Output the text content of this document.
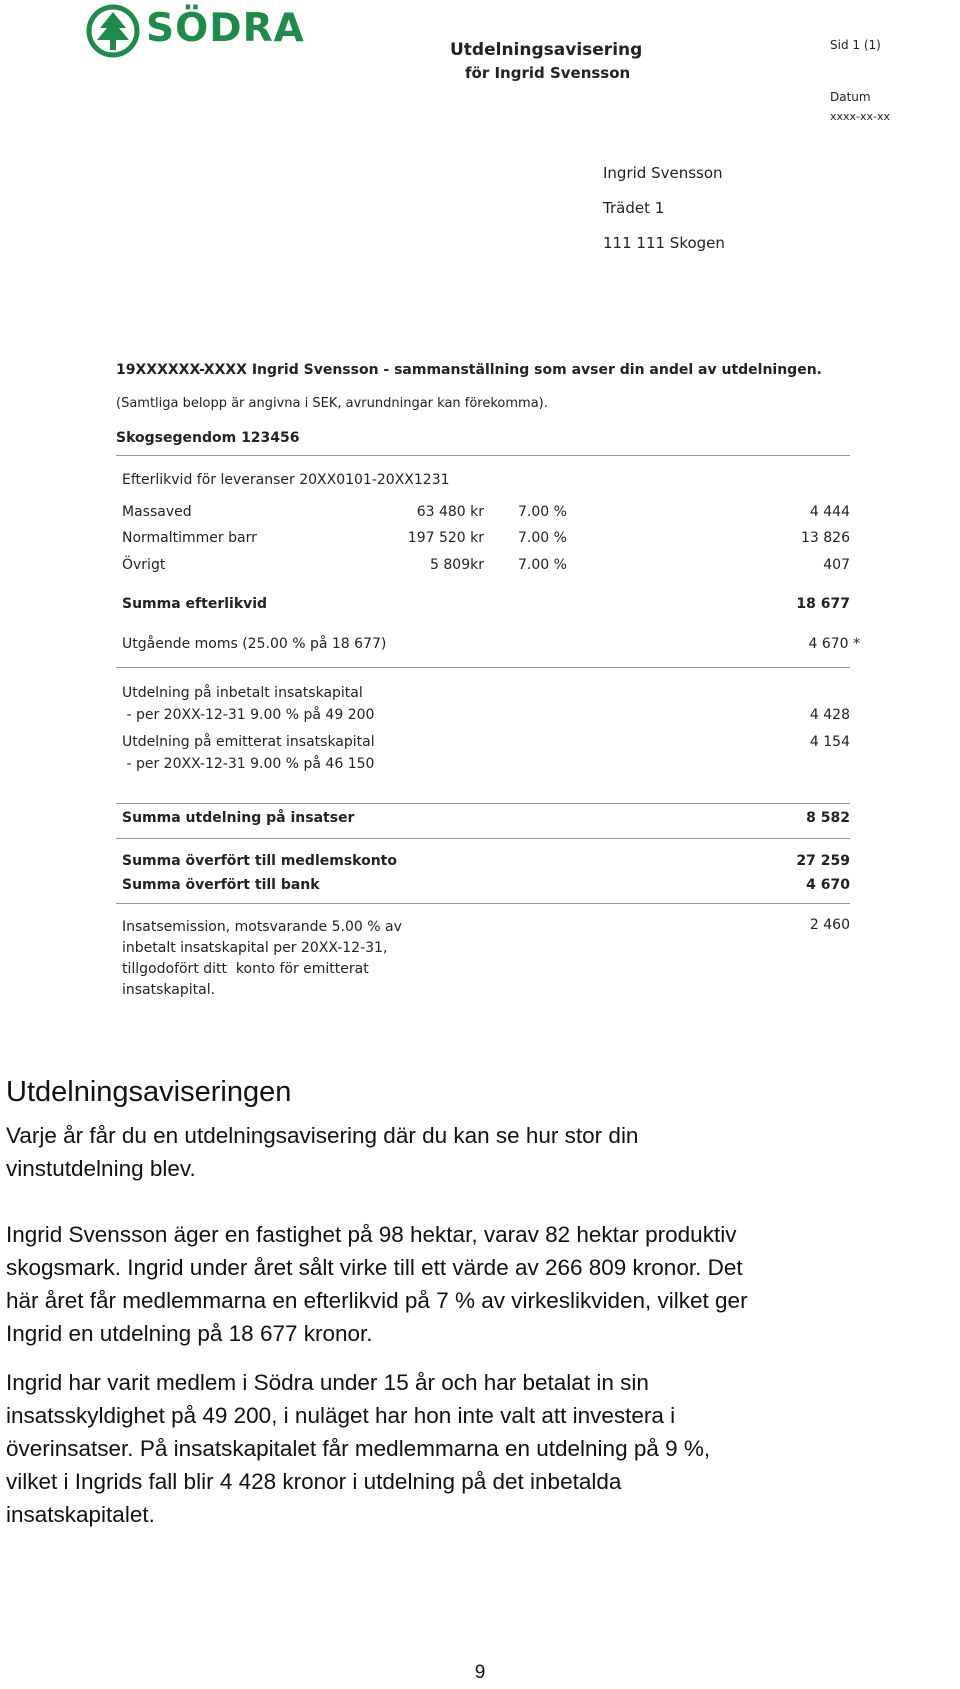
SÖDRA	Utdelningsavisering
för Ingrid Svensson
Sid 1 (1)
Datum
xxxx-xx-xx
Ingrid Svensson
Trädet 1
111 111 Skogen
19XXXXXX-XXXX Ingrid Svensson - sammanställning som avser din andel av utdelningen.
(Samtliga belopp är angivna i SEK, avrundningar kan förekomma).
Skogsegendom 123456
Efterlikvid för leveranser 20XX0101-20XX1231
Massaved	63 480 kr 7.00 %	4 444
Normaltimmer barr	197 520 kr 7.00 %	13 826
Övrigt	5 809kr 7.00 %	407
Summa efterlikvid	18 677
Utgående moms (25.00 % på 18 677)	4 670 *
Utdelning på inbetalt insatskapital
- per 20XX-12-31 9.00 % på 49 200	4 428
Utdelning på emitterat insatskapital	4 154
- per 20XX-12-31 9.00 % på 46 150
Summa utdelning på insatser	8 582
Summa överfört till medlemskonto	27 259
Summa överfört till bank	4 670
Insatsemission, motsvarande 5.00 % av
inbetalt insatskapital per 20XX-12-31,
tillgodofört ditt  konto för emitterat
insatskapital.
2 460
Utdelningsaviseringen
Varje år får du en utdelningsavisering där du kan se hur stor din
vinstutdelning blev.
Ingrid Svensson äger en fastighet på 98 hektar, varav 82 hektar produktiv
skogsmark. Ingrid under året sålt virke till ett värde av 266 809 kronor. Det
här året får medlemmarna en efterlikvid på 7 % av virkeslikviden, vilket ger
Ingrid en utdelning på 18 677 kronor.
Ingrid har varit medlem i Södra under 15 år och har betalat in sin
insatsskyldighet på 49 200, i nuläget har hon inte valt att investera i
överinsatser. På insatskapitalet får medlemmarna en utdelning på 9 %,
vilket i Ingrids fall blir 4 428 kronor i utdelning på det inbetalda
insatskapitalet.
9
